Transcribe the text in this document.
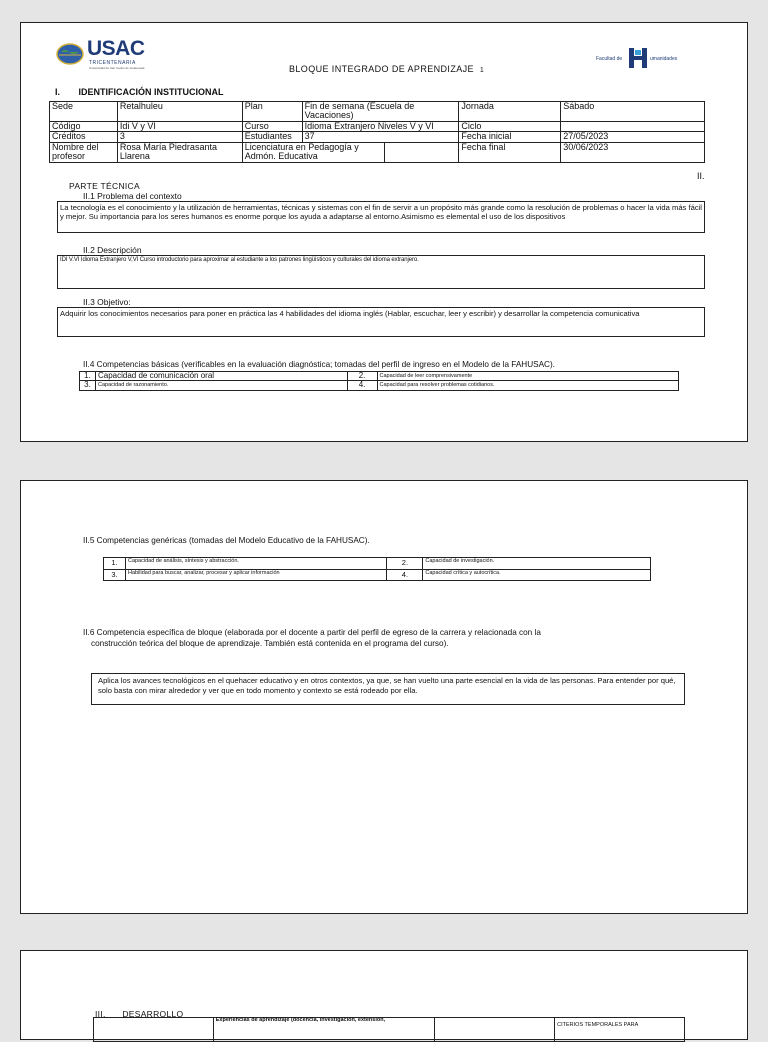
USAC
TRICENTENARIA
Universidad de San Carlos de Guatemala	BLOQUE INTEGRADO DE APRENDIZAJE 1
Facultad de	umanidades
I. IDENTIFICACIÓN INSTITUCIONAL
Sede	Retalhuleu	Plan	Fin de semana (Escuela de Vacaciones)		Jornada	Sábado
Código	Idi V y VI	Curso	Idioma Extranjero Niveles V y VI		Ciclo	
Créditos	3	Estudiantes	37		Fecha inicial	27/05/2023
Nombre del profesor	Rosa María Piedrasanta Llarena	Licenciatura en Pedagogía y Admón. Educativa			Fecha final	30/06/2023
II.
PARTE TÉCNICA
II.1 Problema del contexto
La tecnología es el conocimiento y la utilización de herramientas, técnicas y sistemas con el fin de servir a un propósito más grande como la resolución de problemas o hacer la vida más fácil y mejor. Su importancia para los seres humanos es enorme porque los ayuda a adaptarse al entorno.Asimismo es elemental el uso de los dispositivos
II.2 Descripción
IDI V.VI Idioma Extranjero V,VI Curso introductorio para aproximar al estudiante a los patrones lingüísticos y culturales del idioma extranjero.
II.3 Objetivo:
Adquirir los conocimientos necesarios para poner en práctica las 4 habilidades del idioma inglés (Hablar, escuchar, leer y escribir) y desarrollar la competencia comunicativa
II.4 Competencias básicas (verificables en la evaluación diagnóstica; tomadas del perfil de ingreso en el Modelo de la FAHUSAC).
1.	Capacidad de comunicación oral	2.	Capacidad de leer comprensivamente
3.	Capacidad de razonamiento.	4.	Capacidad para resolver problemas cotidianos.
II.5 Competencias genéricas (tomadas del Modelo Educativo de la FAHUSAC).
1.	Capacidad de análisis, síntesis y abstracción.	2.	Capacidad de investigación.
3.	Habilidad para buscar, analizar, procesar y aplicar información	4.	Capacidad crítica y autocrítica.
II.6 Competencia específica de bloque (elaborada por el docente a partir del perfil de egreso de la carrera y relacionada con la
construcción teórica del bloque de aprendizaje. También está contenida en el programa del curso).
Aplica los avances tecnológicos en el quehacer educativo y en otros contextos, ya que, se han vuelto una parte esencial en la vida de las personas. Para entender por qué, solo basta con mirar alrededor y ver que en todo momento y contexto se está rodeado por ella.
III. DESARROLLO
	Experiencias de aprendizaje (docencia, investigación, extensión,		CITERIOS TEMPORALES PARA
